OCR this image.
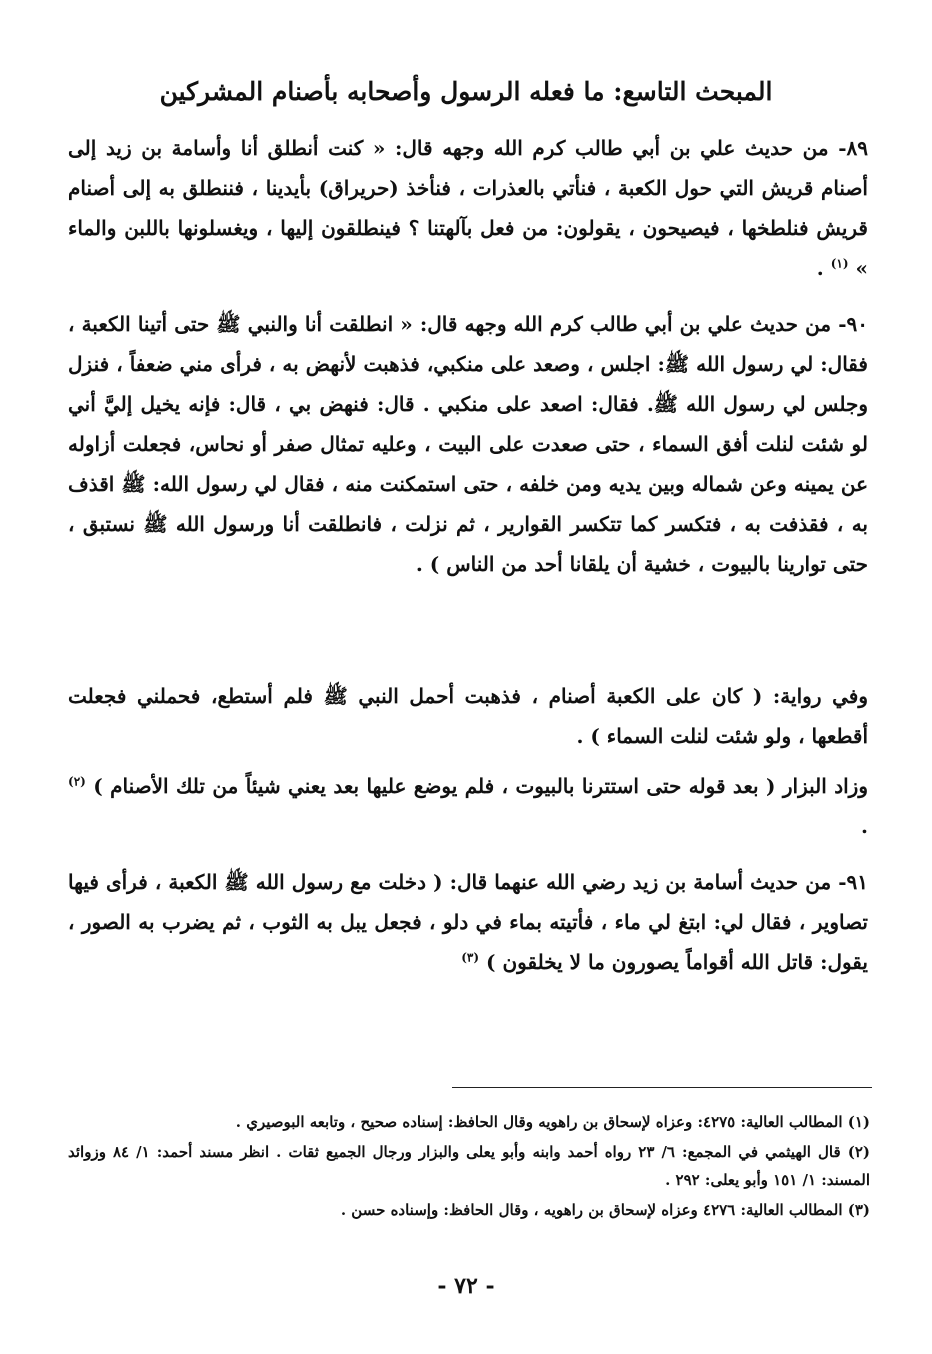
المبحث التاسع: ما فعله الرسول وأصحابه بأصنام المشركين

٨٩- من حديث علي بن أبي طالب كرم الله وجهه قال: « كنت أنطلق أنا وأسامة بن زيد إلى أصنام قريش التي حول الكعبة ، فنأتي بالعذرات ، فنأخذ (حريراق) بأيدينا ، فننطلق به إلى أصنام قريش فنلطخها ، فيصيحون ، يقولون: من فعل بآلهتنا ؟ فينطلقون إليها ، ويغسلونها باللبن والماء » $^{(١)}$ .

٩٠- من حديث علي بن أبي طالب كرم الله وجهه قال: « انطلقت أنا والنبي ﷺ حتى أتينا الكعبة ، فقال: لي رسول الله ﷺ: اجلس ، وصعد على منكبي، فذهبت لأنهض به ، فرأى مني ضعفاً ، فنزل وجلس لي رسول الله ﷺ. فقال: اصعد على منكبي . قال: فنهض بي ، قال: فإنه يخيل إليَّ أني لو شئت لنلت أفق السماء ، حتى صعدت على البيت ، وعليه تمثال صفر أو نحاس، فجعلت أزاوله عن يمينه وعن شماله وبين يديه ومن خلفه ، حتى استمكنت منه ، فقال لي رسول الله: ﷺ اقذف به ، فقذفت به ، فتكسر كما تتكسر القوارير ، ثم نزلت ، فانطلقت أنا ورسول الله ﷺ نستبق ، حتى توارينا بالبيوت ، خشية أن يلقانا أحد من الناس ) .

وفي رواية: ( كان على الكعبة أصنام ، فذهبت أحمل النبي ﷺ فلم أستطع، فحملني فجعلت أقطعها ، ولو شئت لنلت السماء ) .

وزاد البزار ( بعد قوله حتى استترنا بالبيوت ، فلم يوضع عليها بعد يعني شيئاً من تلك الأصنام ) $^{(٢)}$ .

٩١- من حديث أسامة بن زيد رضي الله عنهما قال: ( دخلت مع رسول الله ﷺ الكعبة ، فرأى فيها تصاوير ، فقال لي: ابتغ لي ماء ، فأتيته بماء في دلو ، فجعل يبل به الثوب ، ثم يضرب به الصور ، يقول: قاتل الله أقواماً يصورون ما لا يخلقون ) $^{(٣)}$

(١) المطالب العالية: ٤٢٧٥: وعزاه لإسحاق بن راهويه وقال الحافظ: إسناده صحيح ، وتابعه البوصيري .

(٢) قال الهيثمي في المجمع: ٦/ ٢٣ رواه أحمد وابنه وأبو يعلى والبزار ورجال الجميع ثقات . انظر مسند أحمد: ١/ ٨٤ وزوائد المسند: ١/ ١٥١ وأبو يعلى: ٢٩٢ .

(٣) المطالب العالية: ٤٢٧٦ وعزاه لإسحاق بن راهويه ، وقال الحافظ: وإسناده حسن .

- ٧٢ -
